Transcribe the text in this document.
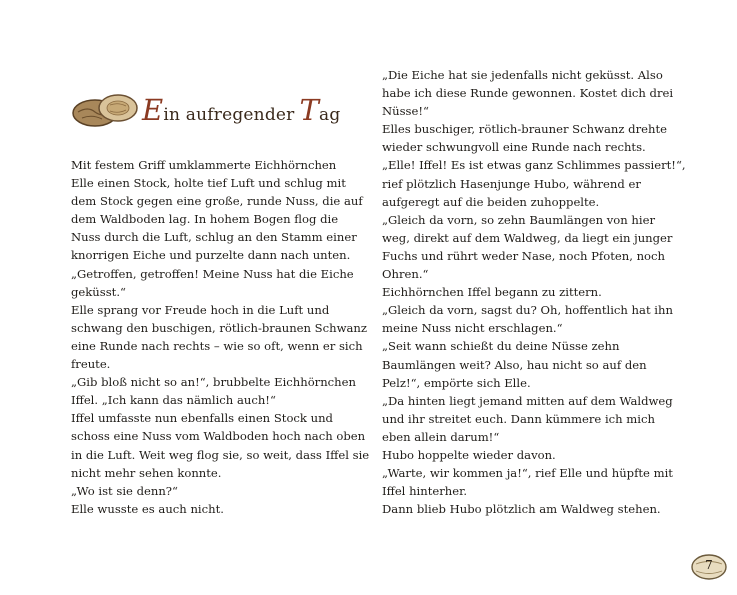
E in aufregender T ag
Mit festem Griff umklammerte Eichhörnchen
Elle einen Stock, holte tief Luft und schlug mit
dem Stock gegen eine große, runde Nuss, die auf
dem Waldboden lag. In hohem Bogen flog die
Nuss durch die Luft, schlug an den Stamm einer
knorrigen Eiche und purzelte dann nach unten.
„Getroffen, getroffen! Meine Nuss hat die Eiche
geküsst.“
Elle sprang vor Freude hoch in die Luft und
schwang den buschigen, rötlich-braunen Schwanz
eine Runde nach rechts – wie so oft, wenn er sich
freute.
„Gib bloß nicht so an!“, brubbelte Eichhörnchen
Iffel. „Ich kann das nämlich auch!“
Iffel umfasste nun ebenfalls einen Stock und
schoss eine Nuss vom Waldboden hoch nach oben
in die Luft. Weit weg flog sie, so weit, dass Iffel sie
nicht mehr sehen konnte.
„Wo ist sie denn?“
Elle wusste es auch nicht.
„Die Eiche hat sie jedenfalls nicht geküsst. Also
habe ich diese Runde gewonnen. Kostet dich drei
Nüsse!“
Elles buschiger, rötlich-brauner Schwanz drehte
wieder schwungvoll eine Runde nach rechts.
„Elle! Iffel! Es ist etwas ganz Schlimmes passiert!“,
rief plötzlich Hasenjunge Hubo, während er
aufgeregt auf die beiden zuhoppelte.
„Gleich da vorn, so zehn Baumlängen von hier
weg, direkt auf dem Waldweg, da liegt ein junger
Fuchs und rührt weder Nase, noch Pfoten, noch
Ohren.“
Eichhörnchen Iffel begann zu zittern.
„Gleich da vorn, sagst du? Oh, hoffentlich hat ihn
meine Nuss nicht erschlagen.“
„Seit wann schießt du deine Nüsse zehn
Baumlängen weit? Also, hau nicht so auf den
Pelz!“, empörte sich Elle.
„Da hinten liegt jemand mitten auf dem Waldweg
und ihr streitet euch. Dann kümmere ich mich
eben allein darum!“
Hubo hoppelte wieder davon.
„Warte, wir kommen ja!“, rief Elle und hüpfte mit
Iffel hinterher.
Dann blieb Hubo plötzlich am Waldweg stehen.
7
